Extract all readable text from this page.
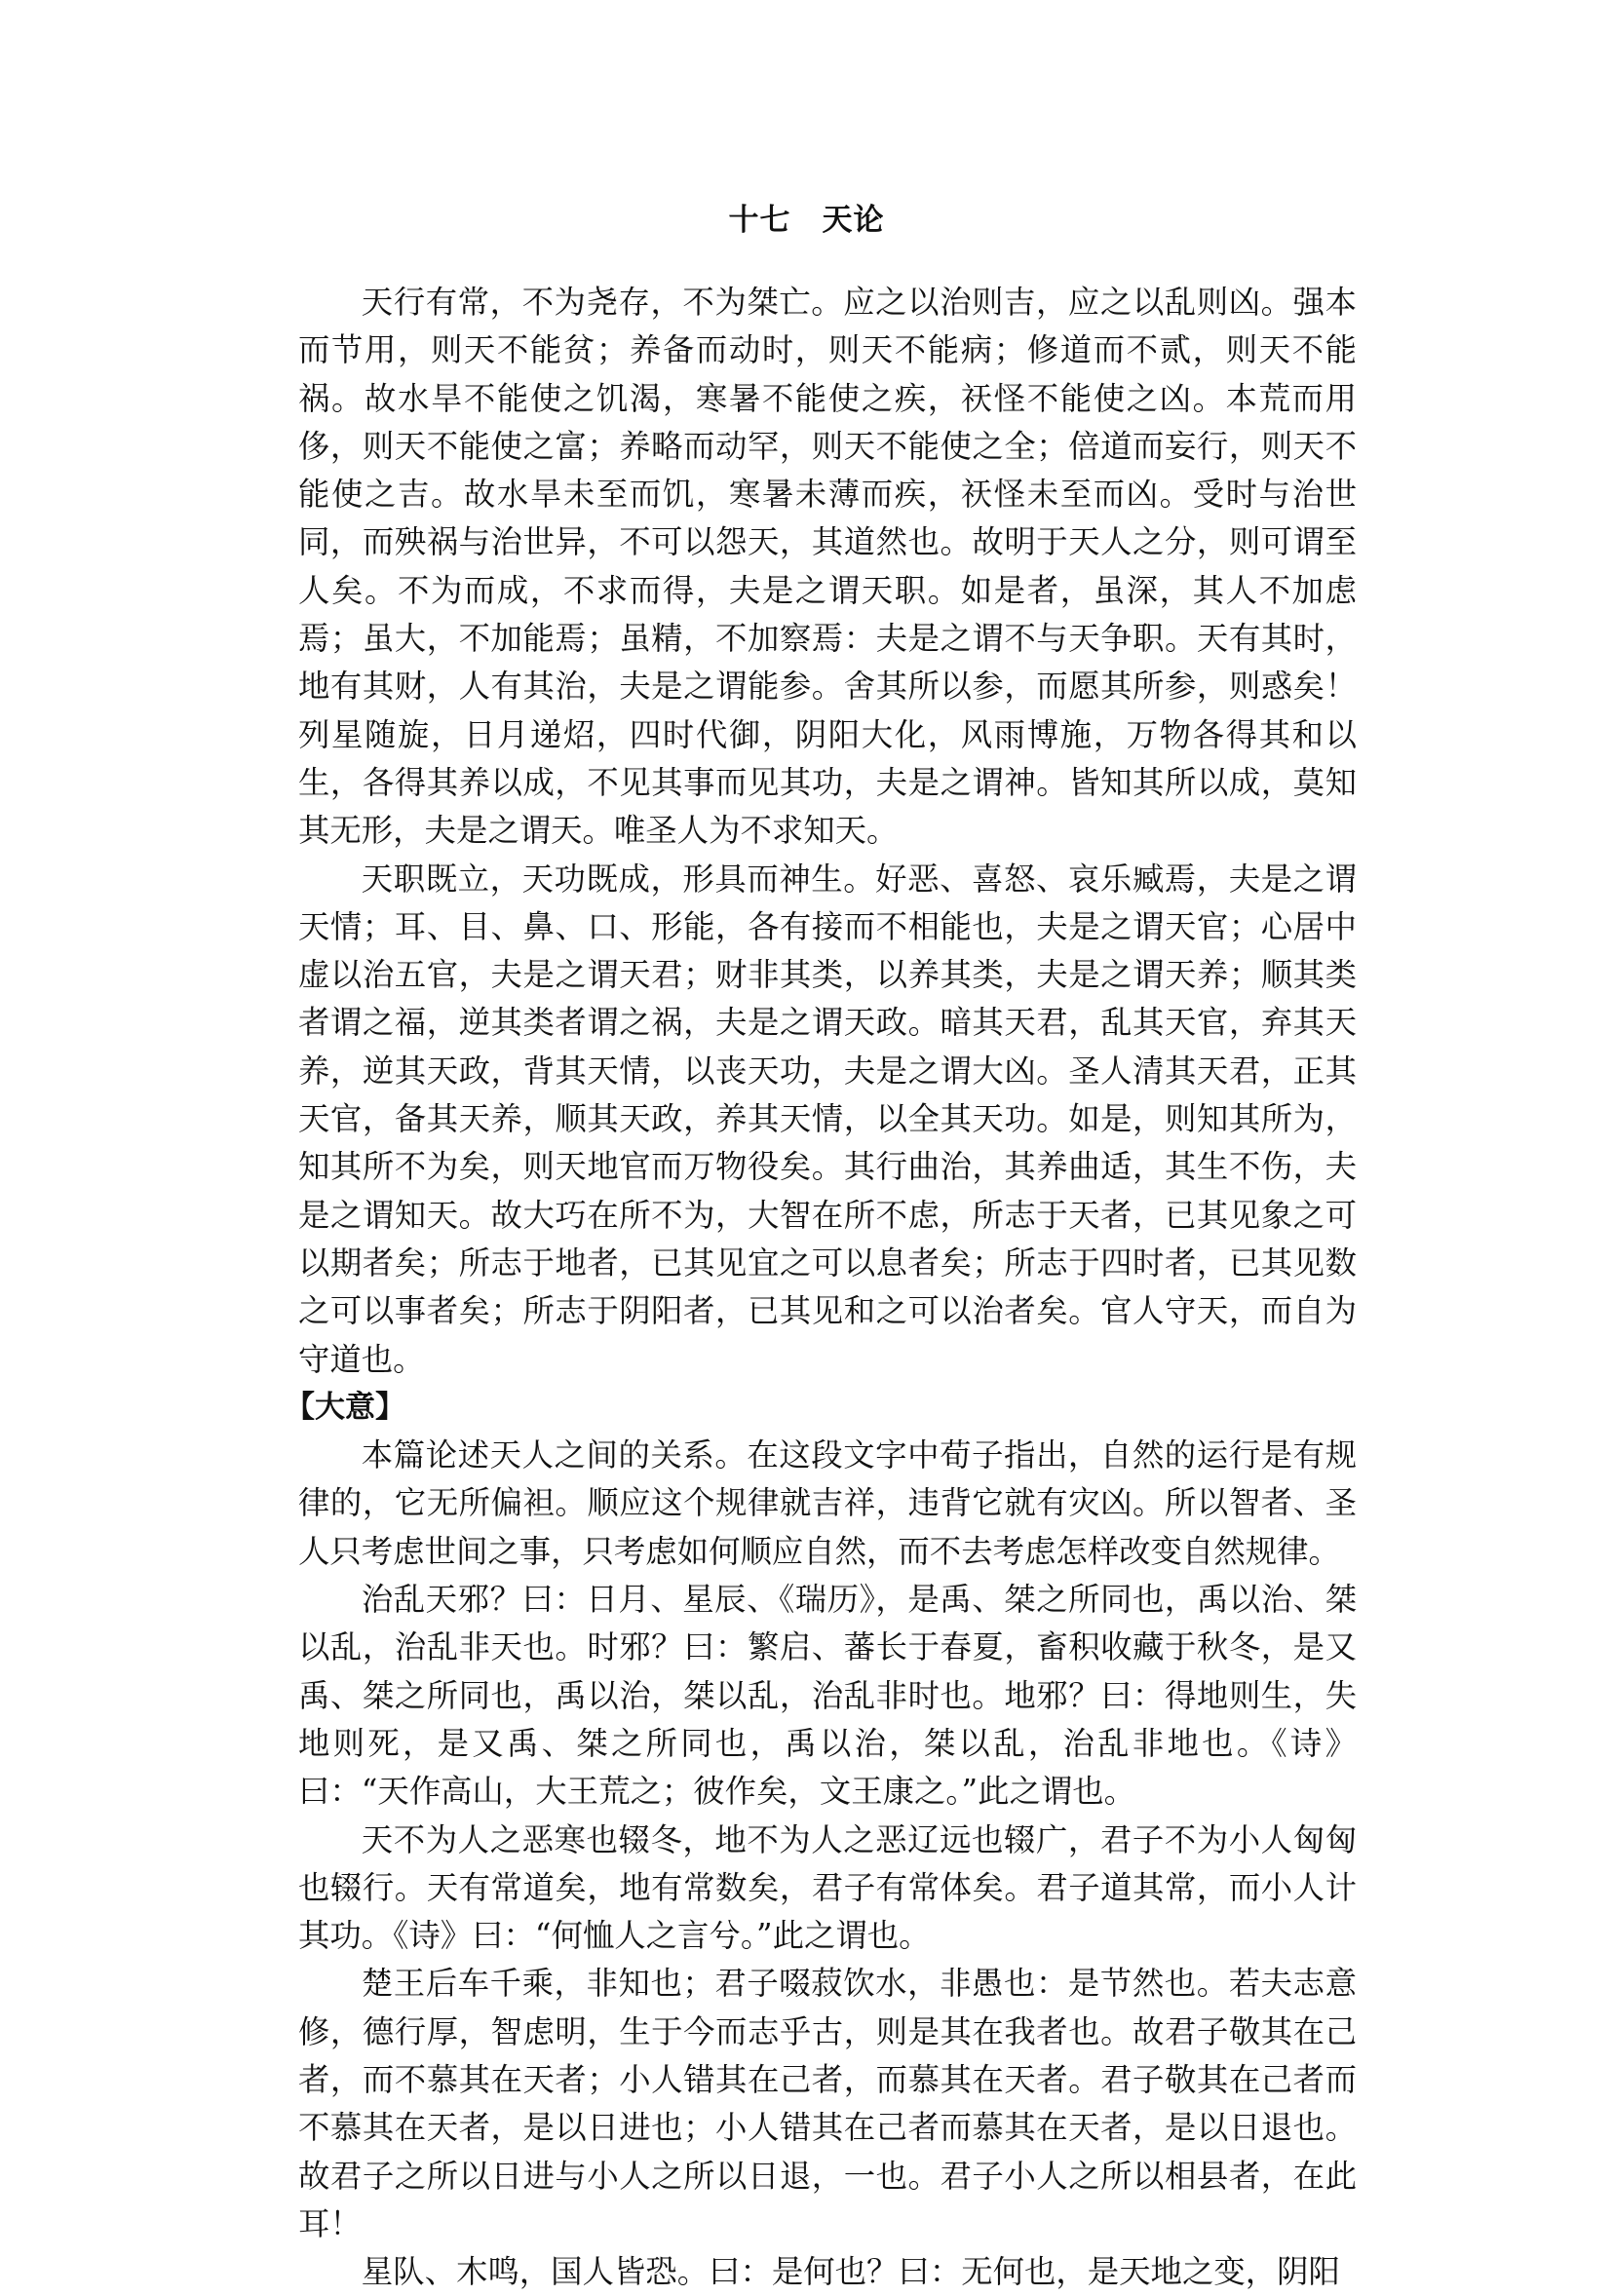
十七　天论

天行有常，不为尧存，不为桀亡。应之以治则吉，应之以乱则凶。强本而节用，则天不能贫；养备而动时，则天不能病；修道而不贰，则天不能祸。故水旱不能使之饥渴，寒暑不能使之疾，祆怪不能使之凶。本荒而用侈，则天不能使之富；养略而动罕，则天不能使之全；倍道而妄行，则天不能使之吉。故水旱未至而饥，寒暑未薄而疾，祆怪未至而凶。受时与治世同，而殃祸与治世异，不可以怨天，其道然也。故明于天人之分，则可谓至人矣。不为而成，不求而得，夫是之谓天职。如是者，虽深，其人不加虑焉；虽大，不加能焉；虽精，不加察焉：夫是之谓不与天争职。天有其时，地有其财，人有其治，夫是之谓能参。舍其所以参，而愿其所参，则惑矣！列星随旋，日月递炤，四时代御，阴阳大化，风雨博施，万物各得其和以生，各得其养以成，不见其事而见其功，夫是之谓神。皆知其所以成，莫知其无形，夫是之谓天。唯圣人为不求知天。

天职既立，天功既成，形具而神生。好恶、喜怒、哀乐臧焉，夫是之谓天情；耳、目、鼻、口、形能，各有接而不相能也，夫是之谓天官；心居中虚以治五官，夫是之谓天君；财非其类，以养其类，夫是之谓天养；顺其类者谓之福，逆其类者谓之祸，夫是之谓天政。暗其天君，乱其天官，弃其天养，逆其天政，背其天情，以丧天功，夫是之谓大凶。圣人清其天君，正其天官，备其天养，顺其天政，养其天情，以全其天功。如是，则知其所为，知其所不为矣，则天地官而万物役矣。其行曲治，其养曲适，其生不伤，夫是之谓知天。故大巧在所不为，大智在所不虑，所志于天者，已其见象之可以期者矣；所志于地者，已其见宜之可以息者矣；所志于四时者，已其见数之可以事者矣；所志于阴阳者，已其见和之可以治者矣。官人守天，而自为守道也。

【大意】

本篇论述天人之间的关系。在这段文字中荀子指出，自然的运行是有规律的，它无所偏袒。顺应这个规律就吉祥，违背它就有灾凶。所以智者、圣人只考虑世间之事，只考虑如何顺应自然，而不去考虑怎样改变自然规律。

治乱天邪？曰：日月、星辰、《瑞历》，是禹、桀之所同也，禹以治、桀以乱，治乱非天也。时邪？曰：繁启、蕃长于春夏，畜积收藏于秋冬，是又禹、桀之所同也，禹以治，桀以乱，治乱非时也。地邪？曰：得地则生，失地则死，是又禹、桀之所同也，禹以治，桀以乱，治乱非地也。《诗》曰：“天作高山，大王荒之；彼作矣，文王康之。”此之谓也。

天不为人之恶寒也辍冬，地不为人之恶辽远也辍广，君子不为小人匈匈也辍行。天有常道矣，地有常数矣，君子有常体矣。君子道其常，而小人计其功。《诗》曰：“何恤人之言兮。”此之谓也。

楚王后车千乘，非知也；君子啜菽饮水，非愚也：是节然也。若夫志意修，德行厚，智虑明，生于今而志乎古，则是其在我者也。故君子敬其在己者，而不慕其在天者；小人错其在己者，而慕其在天者。君子敬其在己者而不慕其在天者，是以日进也；小人错其在己者而慕其在天者，是以日退也。故君子之所以日进与小人之所以日退，一也。君子小人之所以相县者，在此耳！

星队、木鸣，国人皆恐。曰：是何也？曰：无何也，是天地之变，阴阳
